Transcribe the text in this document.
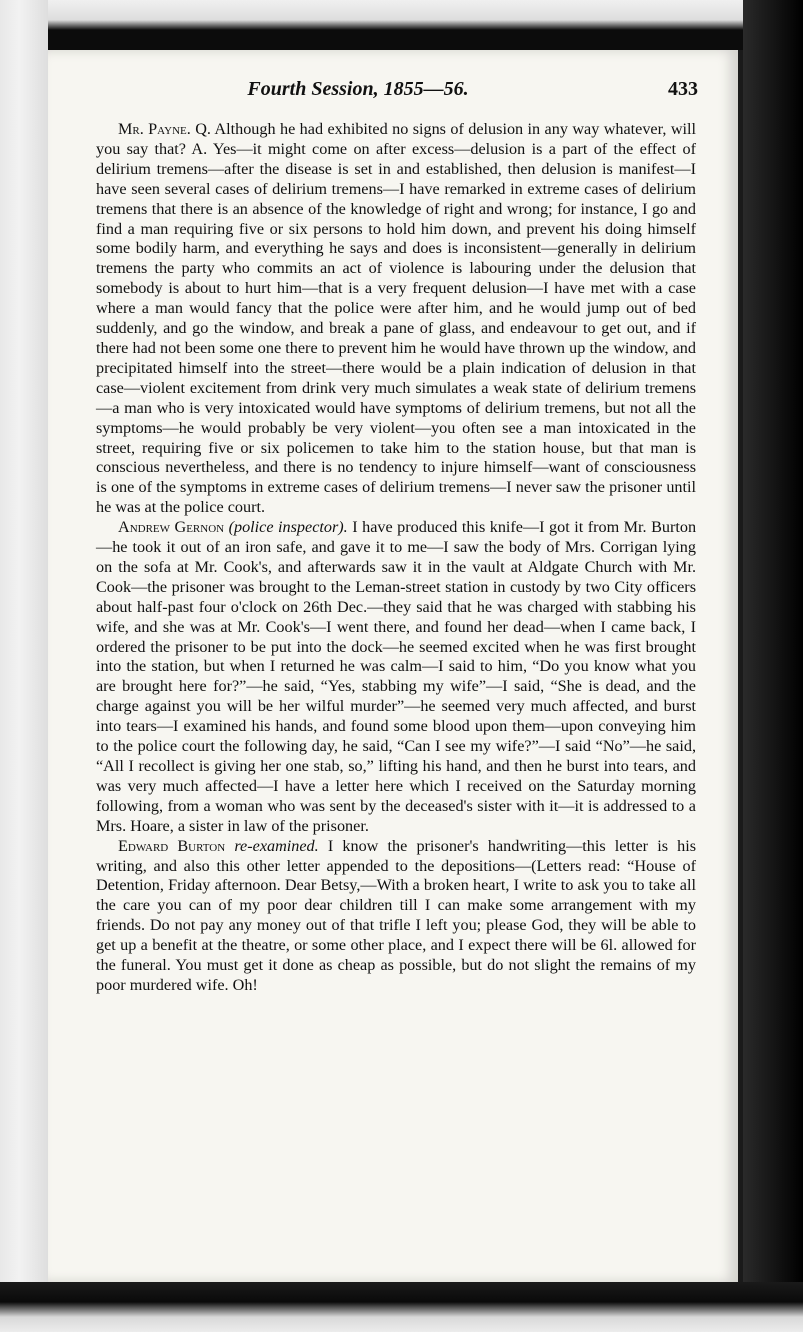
Fourth Session, 1855—56.	433

Mr. Payne. Q. Although he had exhibited no signs of delusion in any way whatever, will you say that? A. Yes—it might come on after excess—delusion is a part of the effect of delirium tremens—after the disease is set in and established, then delusion is manifest—I have seen several cases of delirium tremens—I have remarked in extreme cases of delirium tremens that there is an absence of the knowledge of right and wrong; for instance, I go and find a man requiring five or six persons to hold him down, and prevent his doing himself some bodily harm, and everything he says and does is inconsistent—generally in delirium tremens the party who commits an act of violence is labouring under the delusion that somebody is about to hurt him—that is a very frequent delusion—I have met with a case where a man would fancy that the police were after him, and he would jump out of bed suddenly, and go the window, and break a pane of glass, and endeavour to get out, and if there had not been some one there to prevent him he would have thrown up the window, and precipitated himself into the street—there would be a plain indication of delusion in that case—violent excitement from drink very much simulates a weak state of delirium tremens—a man who is very intoxicated would have symptoms of delirium tremens, but not all the symptoms—he would probably be very violent—you often see a man intoxicated in the street, requiring five or six policemen to take him to the station house, but that man is conscious nevertheless, and there is no tendency to injure himself—want of consciousness is one of the symptoms in extreme cases of delirium tremens—I never saw the prisoner until he was at the police court.

Andrew Gernon (police inspector). I have produced this knife—I got it from Mr. Burton—he took it out of an iron safe, and gave it to me—I saw the body of Mrs. Corrigan lying on the sofa at Mr. Cook's, and afterwards saw it in the vault at Aldgate Church with Mr. Cook—the prisoner was brought to the Leman-street station in custody by two City officers about half-past four o'clock on 26th Dec.—they said that he was charged with stabbing his wife, and she was at Mr. Cook's—I went there, and found her dead—when I came back, I ordered the prisoner to be put into the dock—he seemed excited when he was first brought into the station, but when I returned he was calm—I said to him, “Do you know what you are brought here for?”—he said, “Yes, stabbing my wife”—I said, “She is dead, and the charge against you will be her wilful murder”—he seemed very much affected, and burst into tears—I examined his hands, and found some blood upon them—upon conveying him to the police court the following day, he said, “Can I see my wife?”—I said “No”—he said, “All I recollect is giving her one stab, so,” lifting his hand, and then he burst into tears, and was very much affected—I have a letter here which I received on the Saturday morning following, from a woman who was sent by the deceased's sister with it—it is addressed to a Mrs. Hoare, a sister in law of the prisoner.

Edward Burton re-examined. I know the prisoner's handwriting—this letter is his writing, and also this other letter appended to the depositions—(Letters read: “House of Detention, Friday afternoon. Dear Betsy,—With a broken heart, I write to ask you to take all the care you can of my poor dear children till I can make some arrangement with my friends. Do not pay any money out of that trifle I left you; please God, they will be able to get up a benefit at the theatre, or some other place, and I expect there will be 6l. allowed for the funeral. You must get it done as cheap as possible, but do not slight the remains of my poor murdered wife. Oh!
